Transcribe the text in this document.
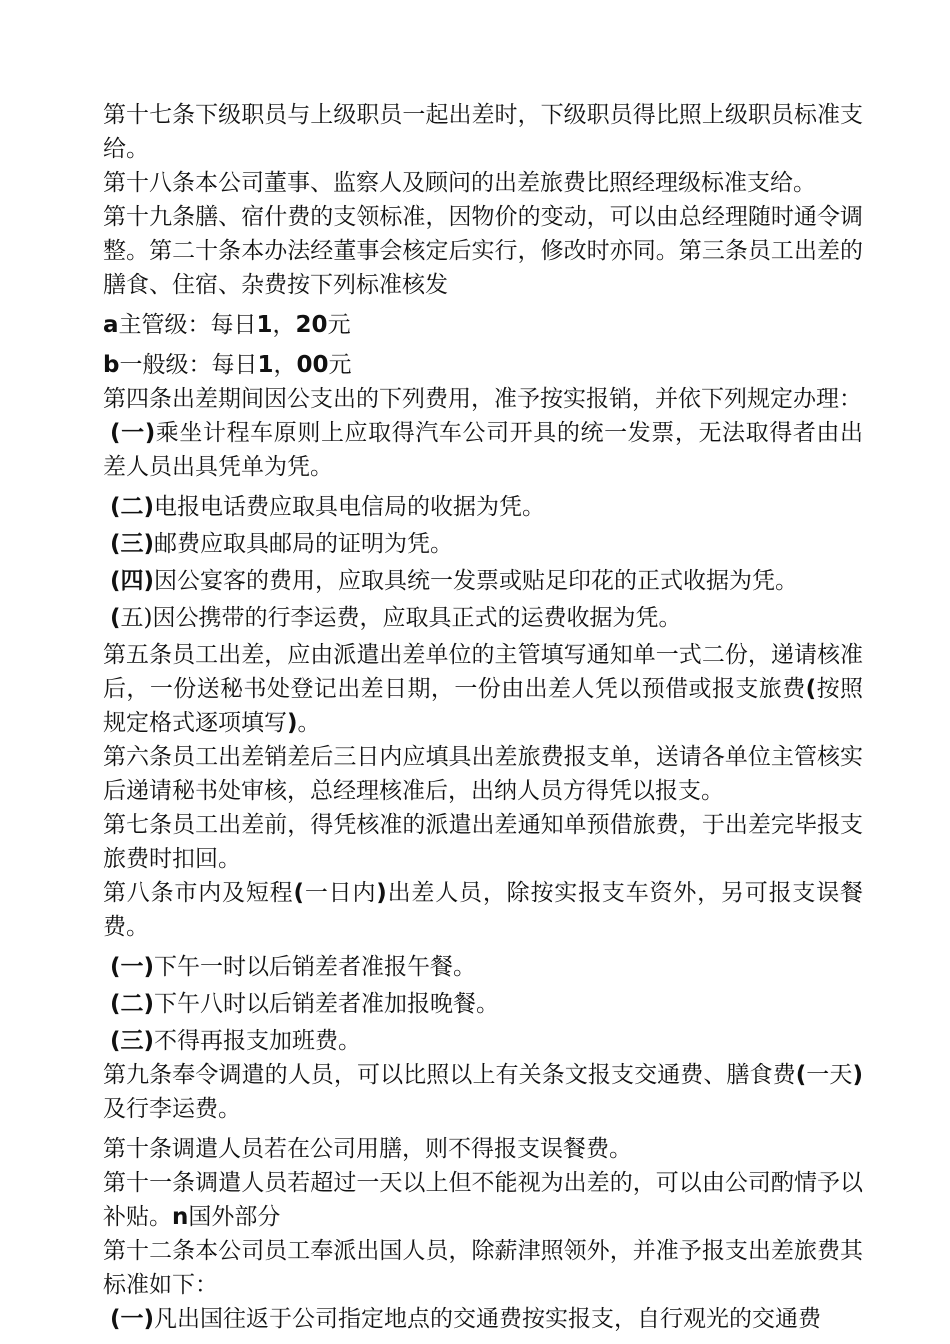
第十七条下级职员与上级职员一起出差时，下级职员得比照上级职员标准支给。

第十八条本公司董事、监察人及顾问的出差旅费比照经理级标准支给。

第十九条膳、宿什费的支领标准，因物价的变动，可以由总经理随时通令调整。第二十条本办法经董事会核定后实行，修改时亦同。第三条员工出差的膳食、住宿、杂费按下列标准核发

a主管级：每日1，20元

b一般级：每日1，00元

第四条出差期间因公支出的下列费用，准予按实报销，并依下列规定办理：

(一)乘坐计程车原则上应取得汽车公司开具的统一发票，无法取得者由出差人员出具凭单为凭。

(二)电报电话费应取具电信局的收据为凭。

(三)邮费应取具邮局的证明为凭。

(四)因公宴客的费用，应取具统一发票或贴足印花的正式收据为凭。

(五)因公携带的行李运费，应取具正式的运费收据为凭。

第五条员工出差，应由派遣出差单位的主管填写通知单一式二份，递请核准后，一份送秘书处登记出差日期，一份由出差人凭以预借或报支旅费(按照规定格式逐项填写)。

第六条员工出差销差后三日内应填具出差旅费报支单，送请各单位主管核实后递请秘书处审核，总经理核准后，出纳人员方得凭以报支。

第七条员工出差前，得凭核准的派遣出差通知单预借旅费，于出差完毕报支旅费时扣回。

第八条市内及短程(一日内)出差人员，除按实报支车资外，另可报支误餐费。

(一)下午一时以后销差者准报午餐。

(二)下午八时以后销差者准加报晚餐。

(三)不得再报支加班费。

第九条奉令调遣的人员，可以比照以上有关条文报支交通费、膳食费(一天)及行李运费。

第十条调遣人员若在公司用膳，则不得报支误餐费。

第十一条调遣人员若超过一天以上但不能视为出差的，可以由公司酌情予以补贴。n国外部分

第十二条本公司员工奉派出国人员，除薪津照领外，并准予报支出差旅费其标准如下：

(一)凡出国往返于公司指定地点的交通费按实报支，自行观光的交通费
